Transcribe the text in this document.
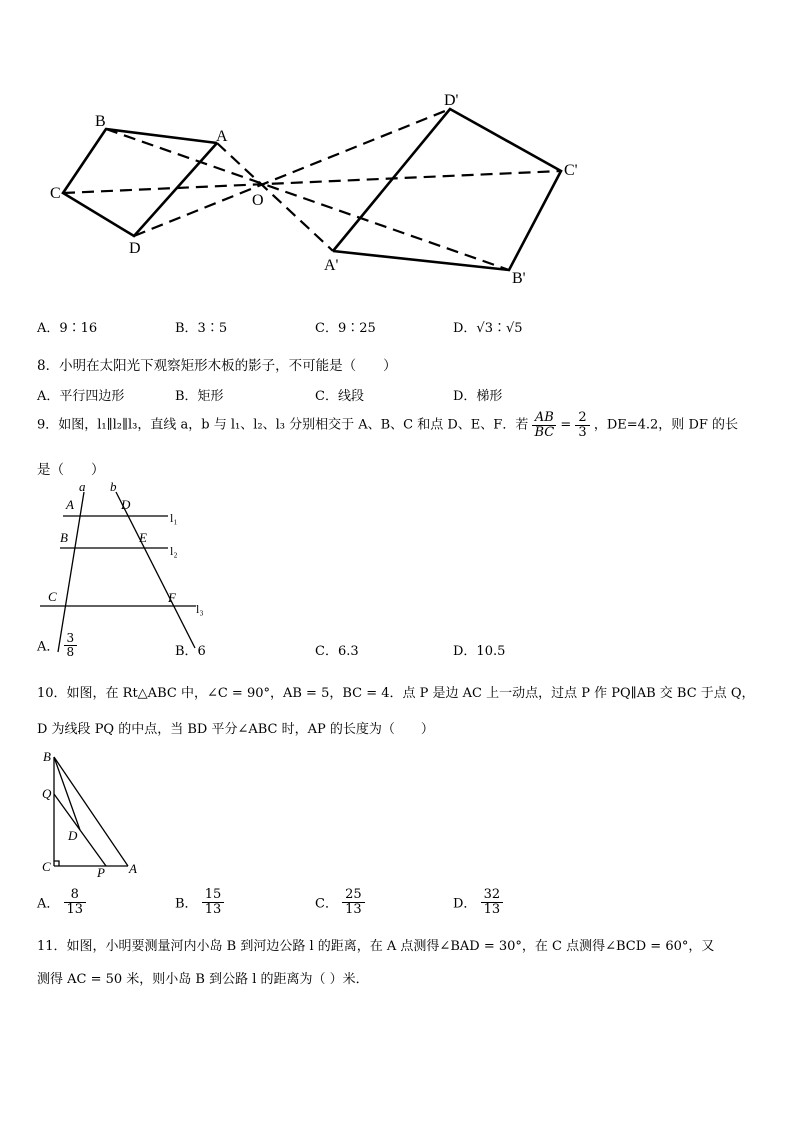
B
A
C
D
O
D'
C'
A'
B'
A．9∶16	B．3∶5	C．9∶25	D．√3∶√5
8．小明在太阳光下观察矩形木板的影子，不可能是（　　）
A．平行四边形	B．矩形	C．线段	D．梯形
9．如图，l₁∥l₂∥l₃，直线 a，b 与 l₁、l₂、l₃ 分别相交于 A、B、C 和点 D、E、F．若 $\frac{AB}{BC} = \frac{2}{3}$ ，DE=4.2，则 DF 的长
是（　　）
a b
A	D
B	E
C	F
l₁
l₂
l₃
A． $\frac{3}{8}$	B．6	C．6.3	D．10.5
10．如图，在 Rt△ABC 中，∠C = 90°，AB = 5，BC = 4．点 P 是边 AC 上一动点，过点 P 作 PQ∥AB 交 BC 于点 Q，
D 为线段 PQ 的中点，当 BD 平分∠ABC 时，AP 的长度为（　　）
B
Q
D
C	P A
A． $\frac{8}{13}$	B． $\frac{15}{13}$	C． $\frac{25}{13}$	D． $\frac{32}{13}$
11．如图，小明要测量河内小岛 B 到河边公路 l 的距离，在 A 点测得∠BAD = 30°，在 C 点测得∠BCD = 60°，又
测得 AC = 50 米，则小岛 B 到公路 l 的距离为（ ）米．
